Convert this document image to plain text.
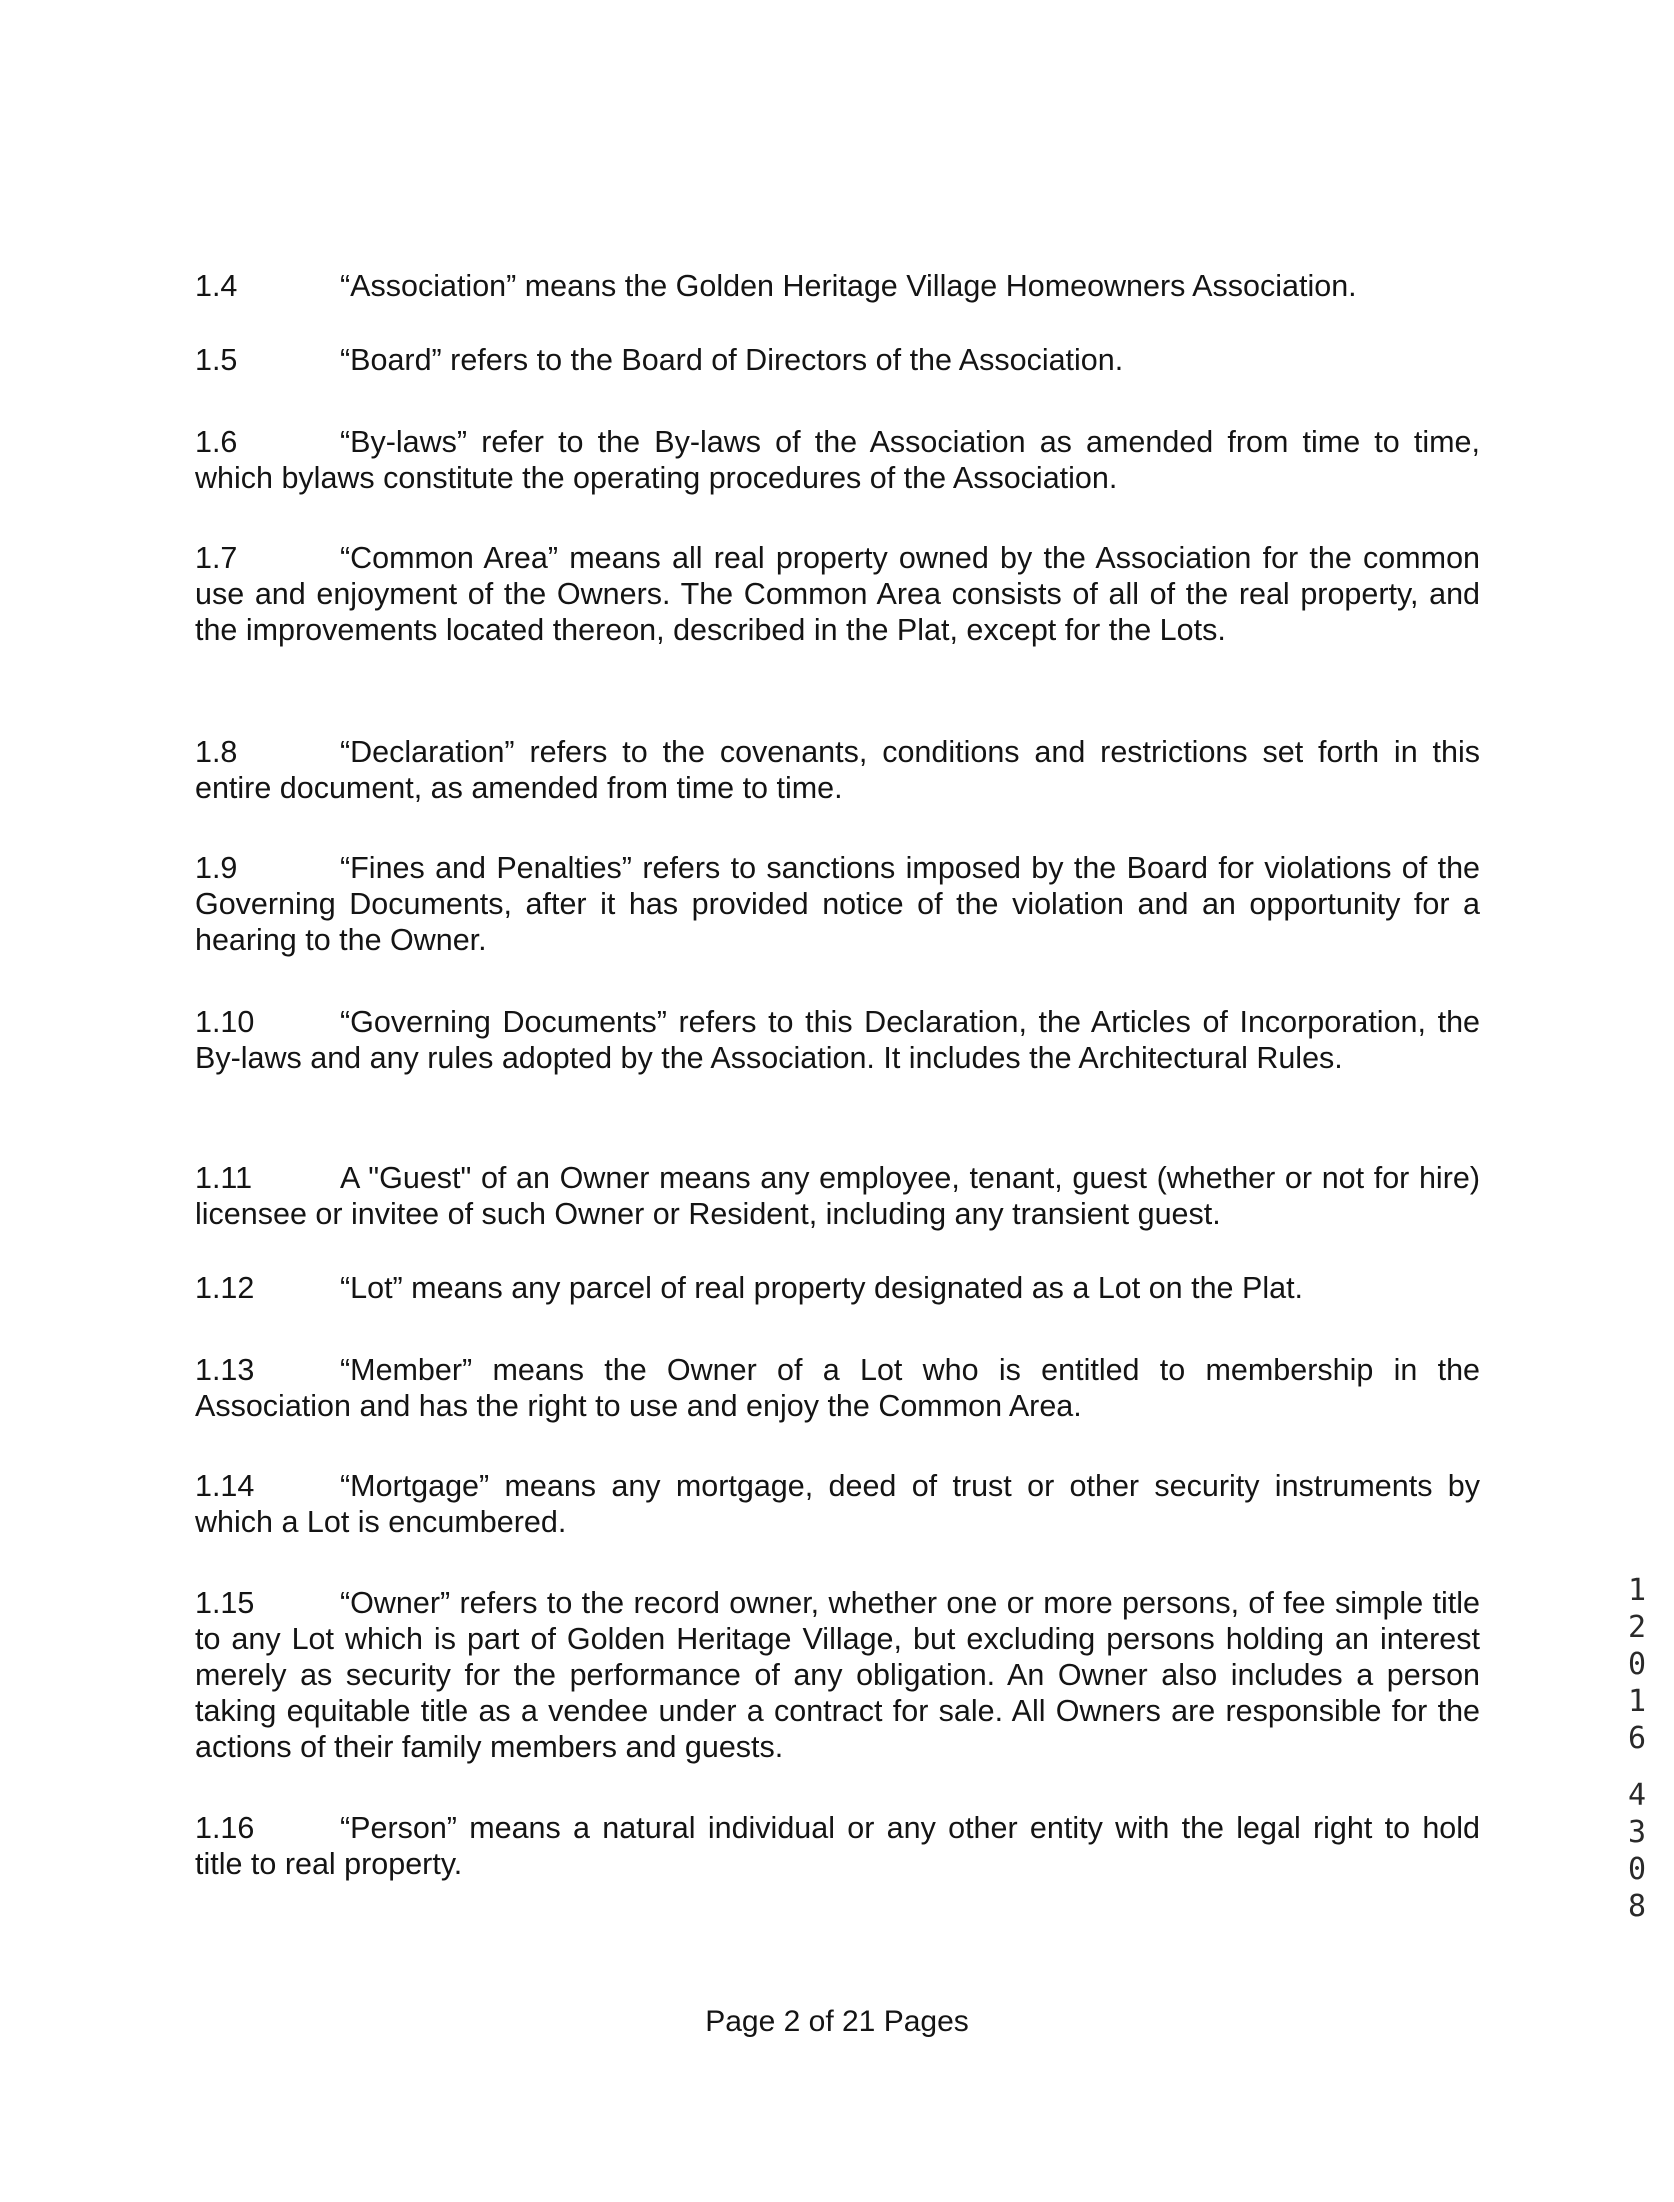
1.4	“Association” means the Golden Heritage Village Homeowners Association.
1.5	“Board” refers to the Board of Directors of the Association.
1.6	“By-laws” refer to the By-laws of the Association as amended from time to time, which bylaws constitute the operating procedures of the Association.
1.7	“Common Area” means all real property owned by the Association for the common use and enjoyment of the Owners. The Common Area consists of all of the real property, and the improvements located thereon, described in the Plat, except for the Lots.
1.8	“Declaration” refers to the covenants, conditions and restrictions set forth in this entire document, as amended from time to time.
1.9	“Fines and Penalties” refers to sanctions imposed by the Board for violations of the Governing Documents, after it has provided notice of the violation and an opportunity for a hearing to the Owner.
1.10	“Governing Documents” refers to this Declaration, the Articles of Incorporation, the By-laws and any rules adopted by the Association. It includes the Architectural Rules.
1.11	A "Guest" of an Owner means any employee, tenant, guest (whether or not for hire) licensee or invitee of such Owner or Resident, including any transient guest.
1.12	“Lot” means any parcel of real property designated as a Lot on the Plat.
1.13	“Member” means the Owner of a Lot who is entitled to membership in the Association and has the right to use and enjoy the Common Area.
1.14	“Mortgage” means any mortgage, deed of trust or other security instruments by which a Lot is encumbered.
1.15	“Owner” refers to the record owner, whether one or more persons, of fee simple title to any Lot which is part of Golden Heritage Village, but excluding persons holding an interest merely as security for the performance of any obligation. An Owner also includes a person taking equitable title as a vendee under a contract for sale. All Owners are responsible for the actions of their family members and guests.
1.16	“Person” means a natural individual or any other entity with the legal right to hold title to real property.
Page 2 of 21 Pages
1
2
0
1
6
4
3
0
8
